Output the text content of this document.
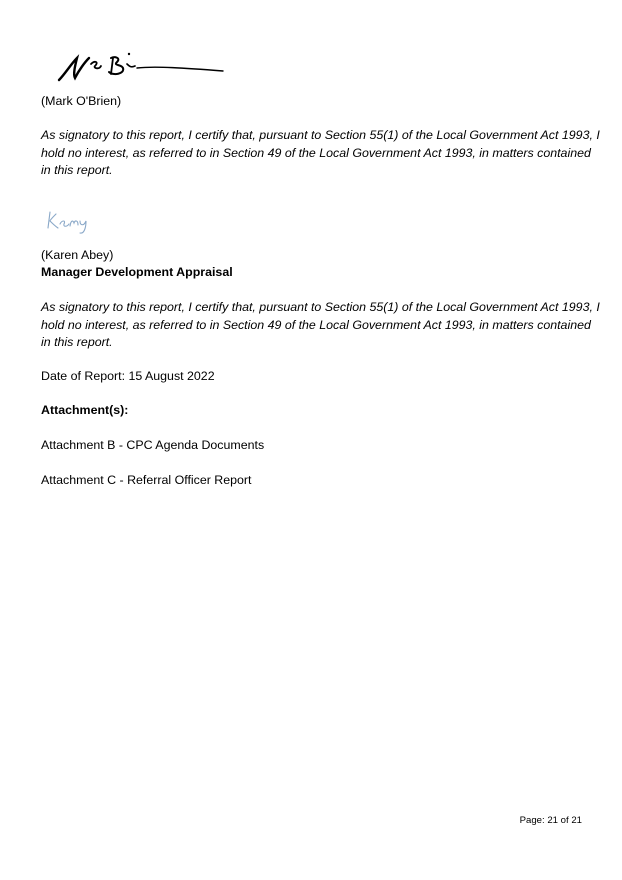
(Mark O'Brien)

As signatory to this report, I certify that, pursuant to Section 55(1) of the Local Government Act 1993, I hold no interest, as referred to in Section 49 of the Local Government Act 1993, in matters contained in this report.

(Karen Abey)

Manager Development Appraisal

As signatory to this report, I certify that, pursuant to Section 55(1) of the Local Government Act 1993, I hold no interest, as referred to in Section 49 of the Local Government Act 1993, in matters contained in this report.

Date of Report: 15 August 2022

Attachment(s):

Attachment B - CPC Agenda Documents

Attachment C - Referral Officer Report

Page: 21 of 21
